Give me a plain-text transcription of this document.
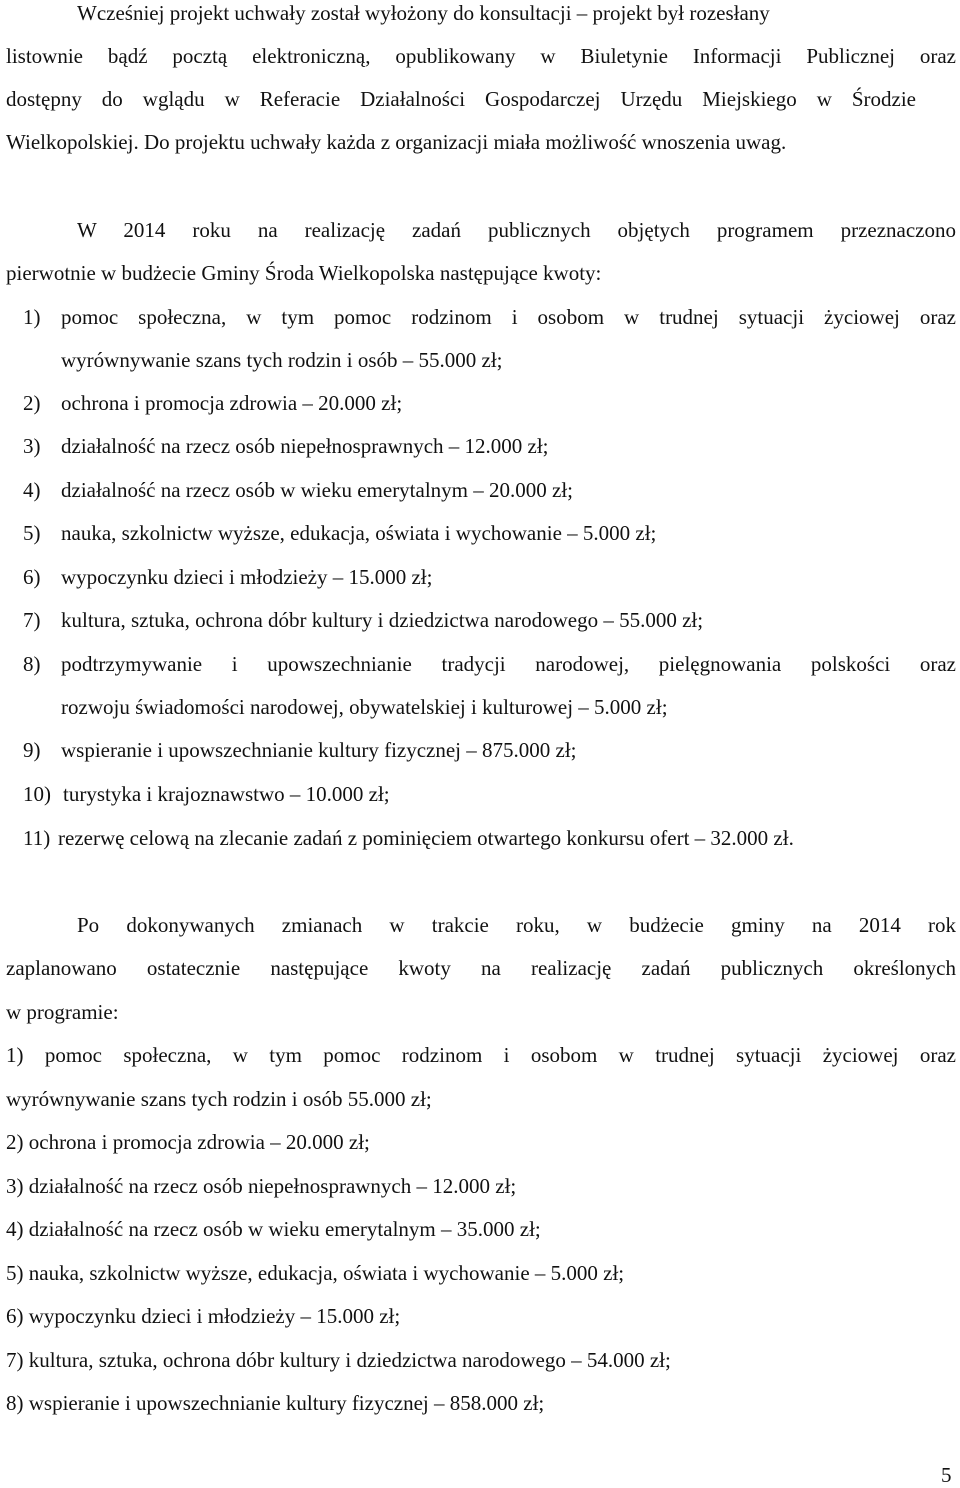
Wcześniej projekt uchwały został wyłożony do konsultacji – projekt był rozesłany
listownie bądź pocztą elektroniczną, opublikowany w Biuletynie Informacji Publicznej oraz
dostępny do wglądu w Referacie Działalności Gospodarczej Urzędu Miejskiego w Środzie
Wielkopolskiej. Do projektu uchwały każda z organizacji miała możliwość wnoszenia uwag.
W 2014 roku na realizację zadań publicznych objętych programem przeznaczono
pierwotnie w budżecie Gminy Środa Wielkopolska następujące kwoty:
1) pomoc społeczna, w tym pomoc rodzinom i osobom w trudnej sytuacji życiowej oraz
wyrównywanie szans tych rodzin i osób – 55.000 zł;
2) ochrona i promocja zdrowia – 20.000 zł;
3) działalność na rzecz osób niepełnosprawnych – 12.000 zł;
4) działalność na rzecz osób w wieku emerytalnym – 20.000 zł;
5) nauka, szkolnictw wyższe, edukacja, oświata i wychowanie – 5.000 zł;
6) wypoczynku dzieci i młodzieży – 15.000 zł;
7) kultura, sztuka, ochrona dóbr kultury i dziedzictwa narodowego – 55.000 zł;
8) podtrzymywanie i upowszechnianie tradycji narodowej, pielęgnowania polskości oraz
rozwoju świadomości narodowej, obywatelskiej i kulturowej – 5.000 zł;
9) wspieranie i upowszechnianie kultury fizycznej – 875.000 zł;
10) turystyka i krajoznawstwo – 10.000 zł;
11) rezerwę celową na zlecanie zadań z pominięciem otwartego konkursu ofert – 32.000 zł.
Po dokonywanych zmianach w trakcie roku, w budżecie gminy na 2014 rok
zaplanowano ostatecznie następujące kwoty na realizację zadań publicznych określonych
w programie:
1) pomoc społeczna, w tym pomoc rodzinom i osobom w trudnej sytuacji życiowej oraz
wyrównywanie szans tych rodzin i osób 55.000 zł;
2) ochrona i promocja zdrowia – 20.000 zł;
3) działalność na rzecz osób niepełnosprawnych – 12.000 zł;
4) działalność na rzecz osób w wieku emerytalnym – 35.000 zł;
5) nauka, szkolnictw wyższe, edukacja, oświata i wychowanie – 5.000 zł;
6) wypoczynku dzieci i młodzieży – 15.000 zł;
7) kultura, sztuka, ochrona dóbr kultury i dziedzictwa narodowego – 54.000 zł;
8) wspieranie i upowszechnianie kultury fizycznej – 858.000 zł;
5
